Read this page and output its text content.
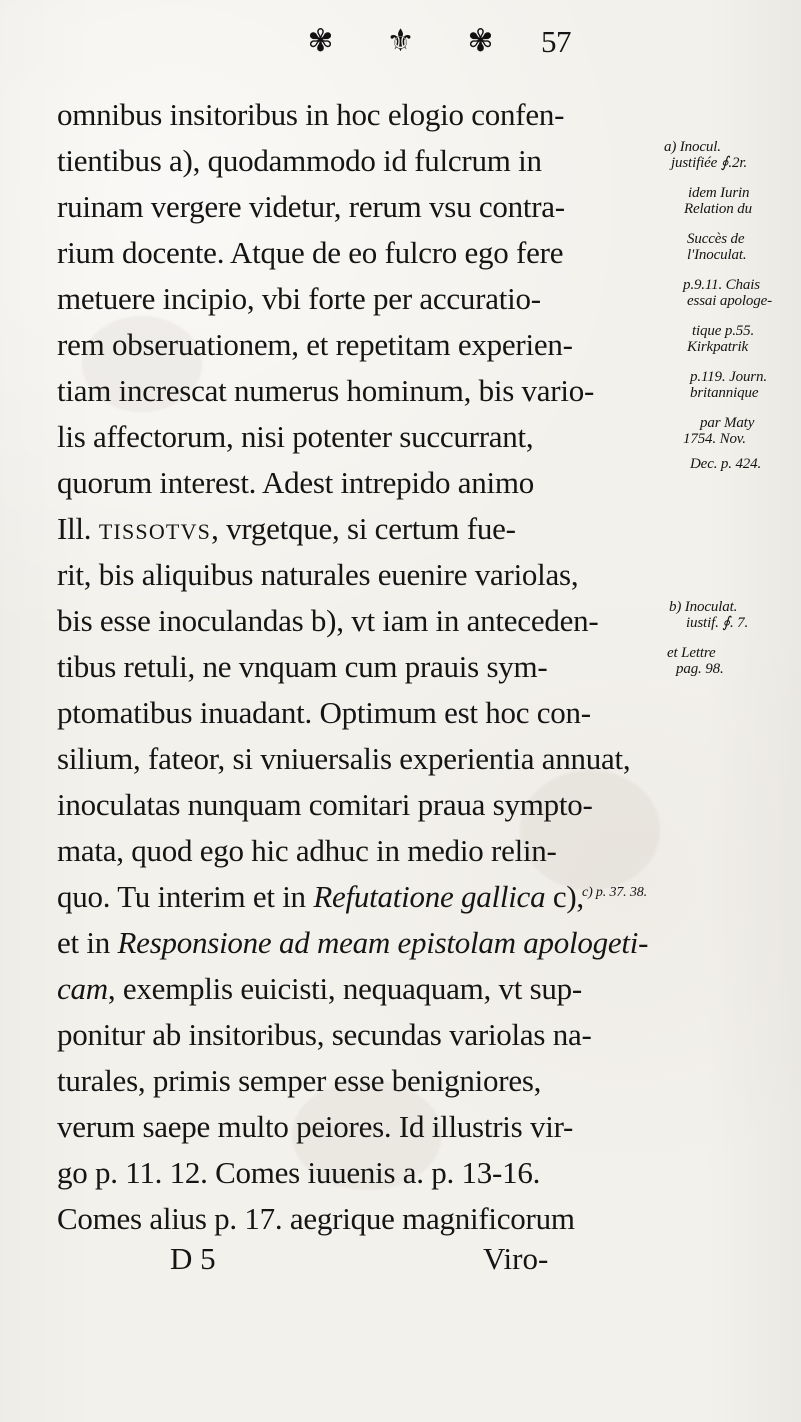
✾ ⚜ ✾ 57
omnibus insitoribus in hoc elogio confen-
tientibus a), quodammodo id fulcrum in	a) Inocul.
justifiée ∮.2r.
ruinam vergere videtur, rerum vsu contra-	idem Iurin
Relation du
rium docente. Atque de eo fulcro ego fere	Succès de
l'Inoculat.
metuere incipio, vbi forte per accuratio-	p.9.11. Chais
essai apologe-
rem obseruationem, et repetitam experien-	tique p.55.
Kirkpatrik
tiam increscat numerus hominum, bis vario-	p.119. Journ.
britannique
lis affectorum, nisi potenter succurrant,	par Maty
1754. Nov.
quorum interest. Adest intrepido animo
Dec. p. 424.
Ill. tissotvs, vrgetque, si certum fue-
rit, bis aliquibus naturales euenire variolas,
bis esse inoculandas b), vt iam in anteceden-	b) Inoculat.
iustif. ∮. 7.
tibus retuli, ne vnquam cum prauis sym-	et Lettre
pag. 98.
ptomatibus inuadant. Optimum est hoc con-
silium, fateor, si vniuersalis experientia annuat,
inoculatas nunquam comitari praua sympto-
mata, quod ego hic adhuc in medio relin-
quo. Tu interim et in Refutatione gallica c),
c) p. 37. 38.
et in Responsione ad meam epistolam apologeti-
cam, exemplis euicisti, nequaquam, vt sup-
ponitur ab insitoribus, secundas variolas na-
turales, primis semper esse benigniores,
verum saepe multo peiores. Id illustris vir-
go p. 11. 12. Comes iuuenis a. p. 13-16.
Comes alius p. 17. aegrique magnificorum
D 5	Viro-
